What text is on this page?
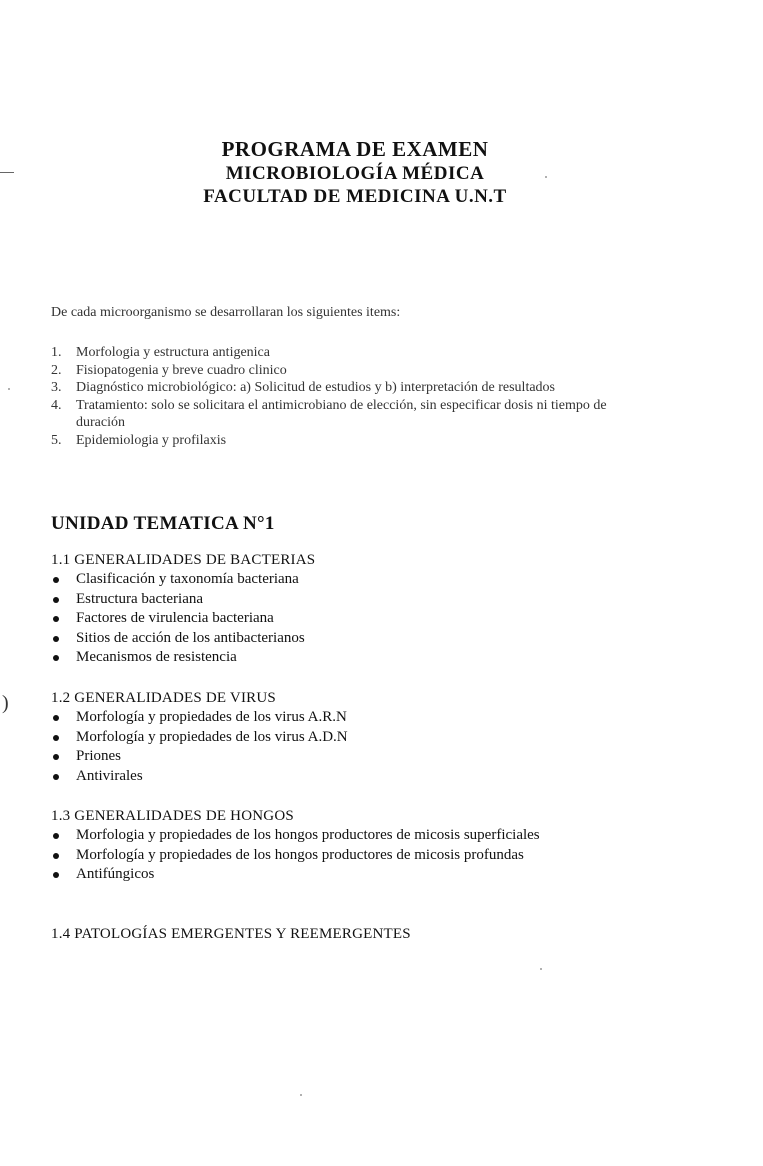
)
PROGRAMA DE EXAMEN
MICROBIOLOGÍA MÉDICA
FACULTAD DE MEDICINA U.N.T
De cada microorganismo se desarrollaran los siguientes items:
1. Morfologia y estructura antigenica
2. Fisiopatogenia y breve cuadro clinico
3. Diagnóstico microbiológico: a) Solicitud de estudios y b) interpretación de resultados
4. Tratamiento: solo se solicitara el antimicrobiano de elección, sin especificar dosis ni tiempo de duración
5. Epidemiologia y profilaxis
UNIDAD TEMATICA N°1
1.1 GENERALIDADES DE BACTERIAS
Clasificación y taxonomía bacteriana
Estructura bacteriana
Factores de virulencia bacteriana
Sitios de acción de los antibacterianos
Mecanismos de resistencia
1.2 GENERALIDADES DE VIRUS
Morfología y propiedades de los virus A.R.N
Morfología y propiedades de los virus A.D.N
Priones
Antivirales
1.3 GENERALIDADES DE HONGOS
Morfologia y propiedades de los hongos productores de micosis superficiales
Morfología y propiedades de los hongos productores de micosis profundas
Antifúngicos
1.4 PATOLOGÍAS EMERGENTES Y REEMERGENTES
